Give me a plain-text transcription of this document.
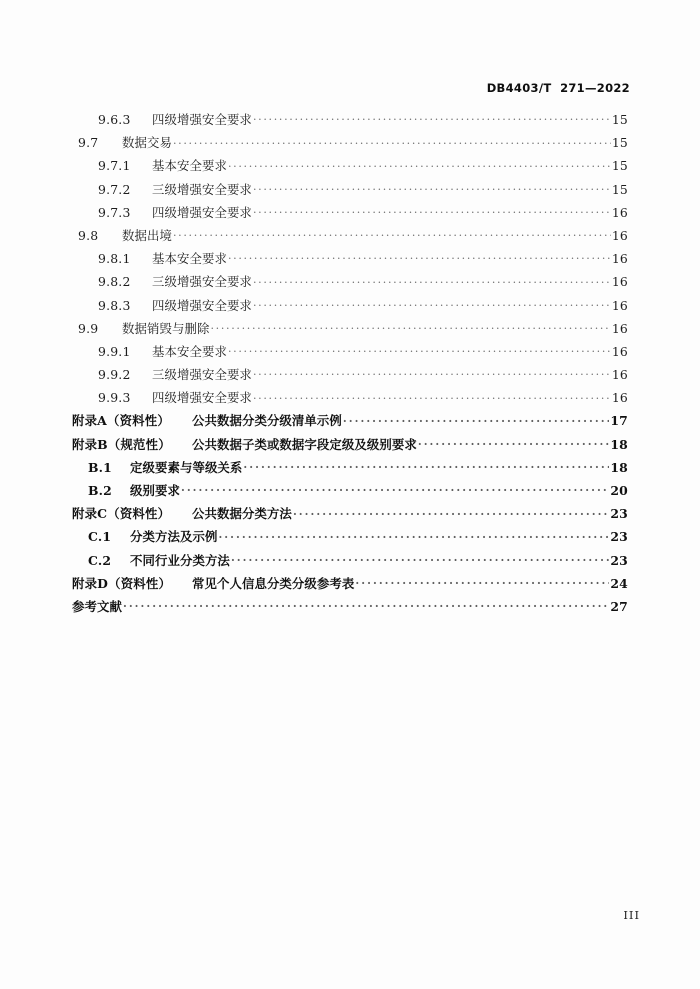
DB4403/T  271—2022
9.6.3	四级增强安全要求 . . .	15
9.7	数据交易 . . .	15
9.7.1	基本安全要求 . . .	15
9.7.2	三级增强安全要求 . . .	15
9.7.3	四级增强安全要求 . . .	16
9.8	数据出境 . . .	16
9.8.1	基本安全要求 . . .	16
9.8.2	三级增强安全要求 . . .	16
9.8.3	四级增强安全要求 . . .	16
9.9	数据销毁与删除 . . .	16
9.9.1	基本安全要求 . . .	16
9.9.2	三级增强安全要求 . . .	16
9.9.3	四级增强安全要求 . . .	16
附录A（资料性）	公共数据分类分级清单示例 . . .	17
附录B（规范性）	公共数据子类或数据字段定级及级别要求 . . .	18
B.1	定级要素与等级关系 . . .	18
B.2	级别要求 . . .	20
附录C（资料性）	公共数据分类方法 . . .	23
C.1	分类方法及示例 . . .	23
C.2	不同行业分类方法 . . .	23
附录D（资料性）	常见个人信息分类分级参考表 . . .	24
参考文献 . . .	27
III
